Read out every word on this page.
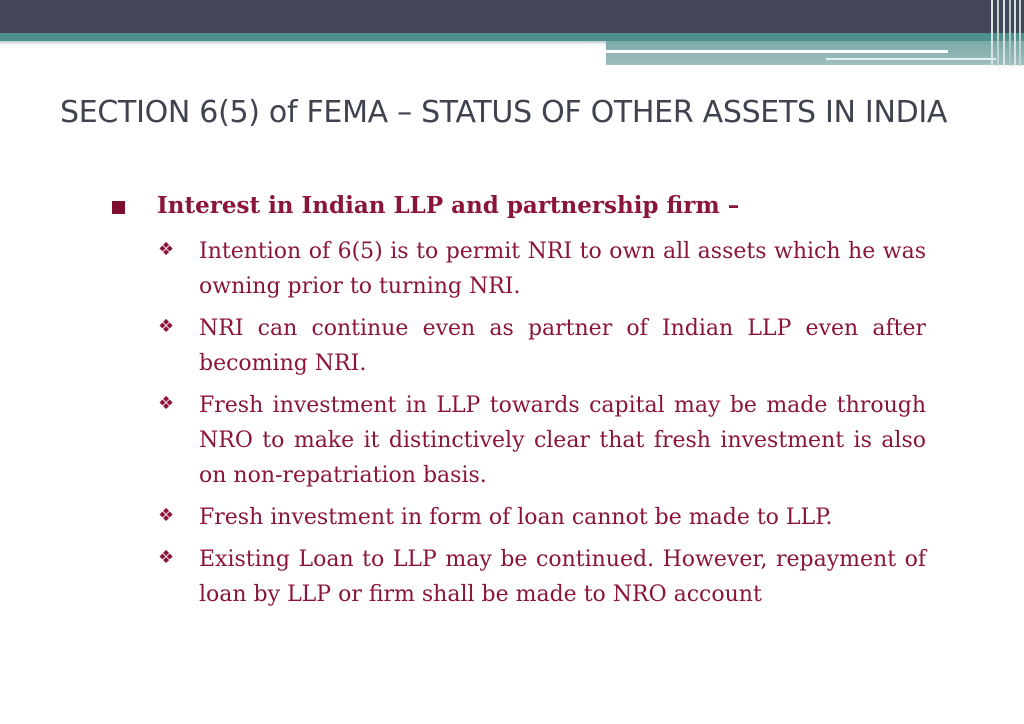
SECTION 6(5) of FEMA – STATUS OF OTHER ASSETS IN INDIA
Interest in Indian LLP and partnership firm –
❖ Intention of 6(5) is to permit NRI to own all assets which he was owning prior to turning NRI.
❖ NRI can continue even as partner of Indian LLP even after becoming NRI.
❖ Fresh investment in LLP towards capital may be made through NRO to make it distinctively clear that fresh investment is also on non-repatriation basis.
❖ Fresh investment in form of loan cannot be made to LLP.
❖ Existing Loan to LLP may be continued. However, repayment of loan by LLP or firm shall be made to NRO account
